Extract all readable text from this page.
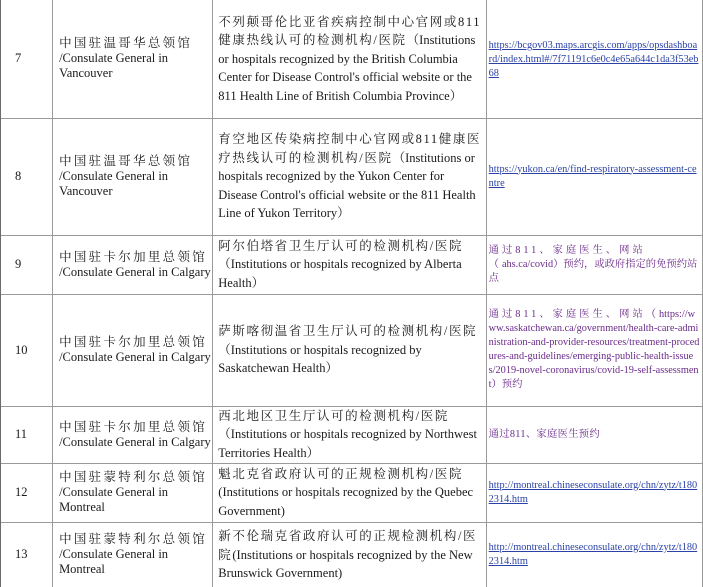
7	中国驻温哥华总领馆
/Consulate General in Vancouver	不列颠哥伦比亚省疾病控制中心官网或811健康热线认可的检测机构/医院（Institutions or hospitals recognized by the British Columbia Center for Disease Control's official website or the 811 Health Line of British Columbia Province）	https://bcgov03.maps.arcgis.com/apps/opsdashboard/index.html#/7f71191c6e0c4e65a644c1da3f53eb68

8	中国驻温哥华总领馆
/Consulate General in Vancouver	育空地区传染病控制中心官网或811健康医疗热线认可的检测机构/医院（Institutions or hospitals recognized by the Yukon Center for Disease Control's official website or the 811 Health Line of Yukon Territory）	https://yukon.ca/en/find-respiratory-assessment-centre

9	中国驻卡尔加里总领馆
/Consulate General in Calgary	阿尔伯塔省卫生厅认可的检测机构/医院（Institutions or hospitals recognized by Alberta Health）	通过811、家庭医生、网站（ahs.ca/covid）预约，或政府指定的免预约站点

10	中国驻卡尔加里总领馆
/Consulate General in Calgary	萨斯喀彻温省卫生厅认可的检测机构/医院（Institutions or hospitals recognized by Saskatchewan Health）	通过811、家庭医生、网站（https://www.saskatchewan.ca/government/health-care-administration-and-provider-resources/treatment-procedures-and-guidelines/emerging-public-health-issues/2019-novel-coronavirus/covid-19-self-assessment）预约

11	中国驻卡尔加里总领馆
/Consulate General in Calgary	西北地区卫生厅认可的检测机构/医院（Institutions or hospitals recognized by Northwest Territories Health）	通过811、家庭医生预约

12	中国驻蒙特利尔总领馆
/Consulate General in Montreal	魁北克省政府认可的正规检测机构/医院(Institutions or hospitals recognized by the Quebec Government)	http://montreal.chineseconsulate.org/chn/zytz/t1802314.htm

13	中国驻蒙特利尔总领馆
/Consulate General in Montreal	新不伦瑞克省政府认可的正规检测机构/医院(Institutions or hospitals recognized by the New Brunswick Government)	http://montreal.chineseconsulate.org/chn/zytz/t1802314.htm
